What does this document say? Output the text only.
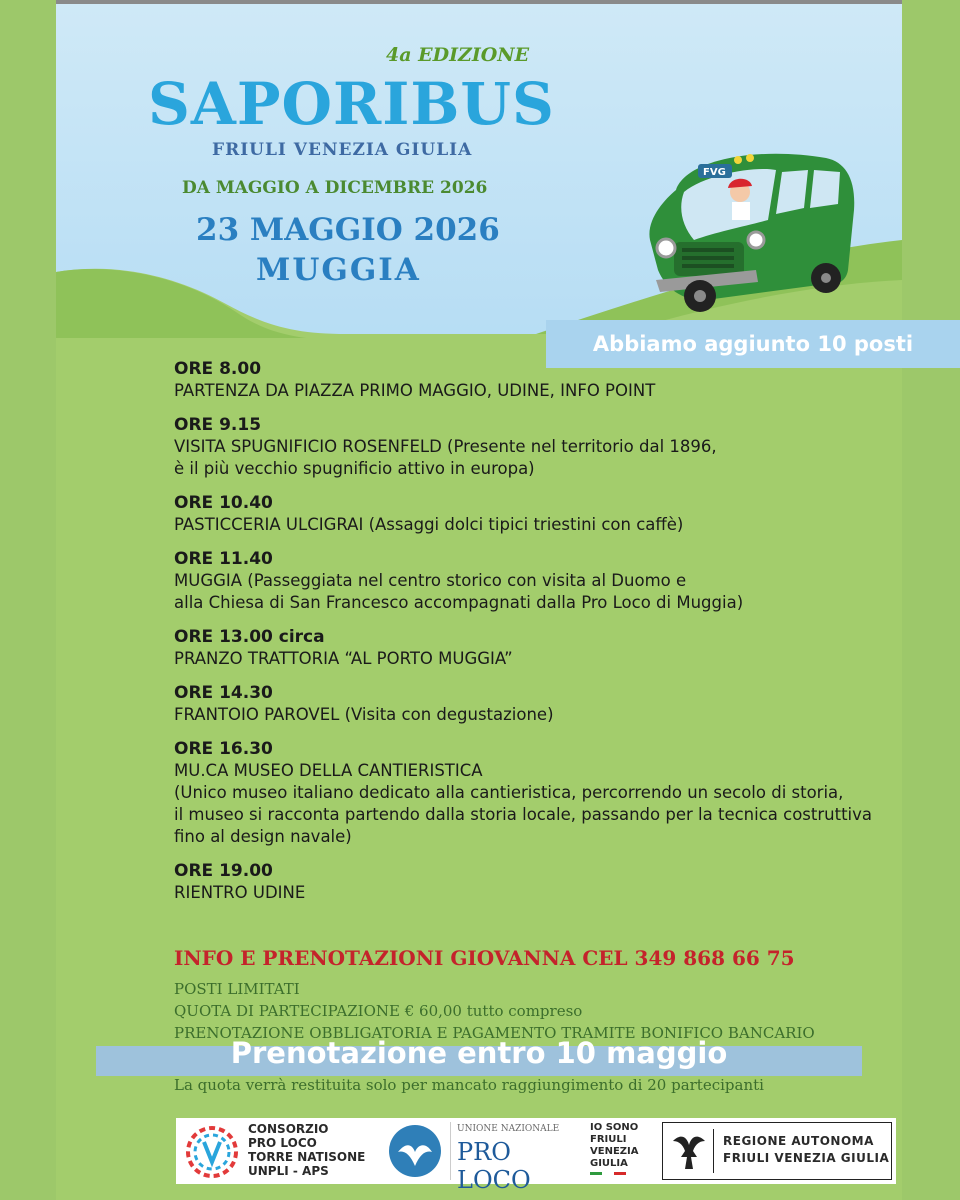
4a EDIZIONE
SAPORIBUS
FRIULI VENEZIA GIULIA
DA MAGGIO A DICEMBRE 2026
23 MAGGIO 2026
MUGGIA
FVG
ORE 8.00
PARTENZA DA PIAZZA PRIMO MAGGIO, UDINE, INFO POINT
ORE 9.15
VISITA SPUGNIFICIO ROSENFELD (Presente nel territorio dal 1896,
è il più vecchio spugnificio attivo in europa)
ORE 10.40
PASTICCERIA ULCIGRAI (Assaggi dolci tipici triestini con caffè)
ORE 11.40
MUGGIA (Passeggiata nel centro storico con visita al Duomo e
alla Chiesa di San Francesco accompagnati dalla Pro Loco di Muggia)
ORE 13.00 circa
PRANZO TRATTORIA “AL PORTO MUGGIA”
ORE 14.30
FRANTOIO PAROVEL (Visita con degustazione)
ORE 16.30
MU.CA MUSEO DELLA CANTIERISTICA
(Unico museo italiano dedicato alla cantieristica, percorrendo un secolo di storia,
il museo si racconta partendo dalla storia locale, passando per la tecnica costruttiva
fino al design navale)
ORE 19.00
RIENTRO UDINE
INFO E PRENOTAZIONI GIOVANNA CEL 349 868 66 75
POSTI LIMITATI
QUOTA DI PARTECIPAZIONE € 60,00 tutto compreso
PRENOTAZIONE OBBLIGATORIA E PAGAMENTO TRAMITE BONIFICO BANCARIO
La quota verrà restituita solo per mancato raggiungimento di 20 partecipanti
CONSORZIO
PRO LOCO
TORRE NATISONE
UNPLI - APS
UNIONE NAZIONALE
PRO LOCO
IO SONO
FRIULI
VENEZIA
GIULIA
REGIONE AUTONOMA
FRIULI VENEZIA GIULIA
Abbiamo aggiunto 10 posti
Prenotazione entro 10 maggio
